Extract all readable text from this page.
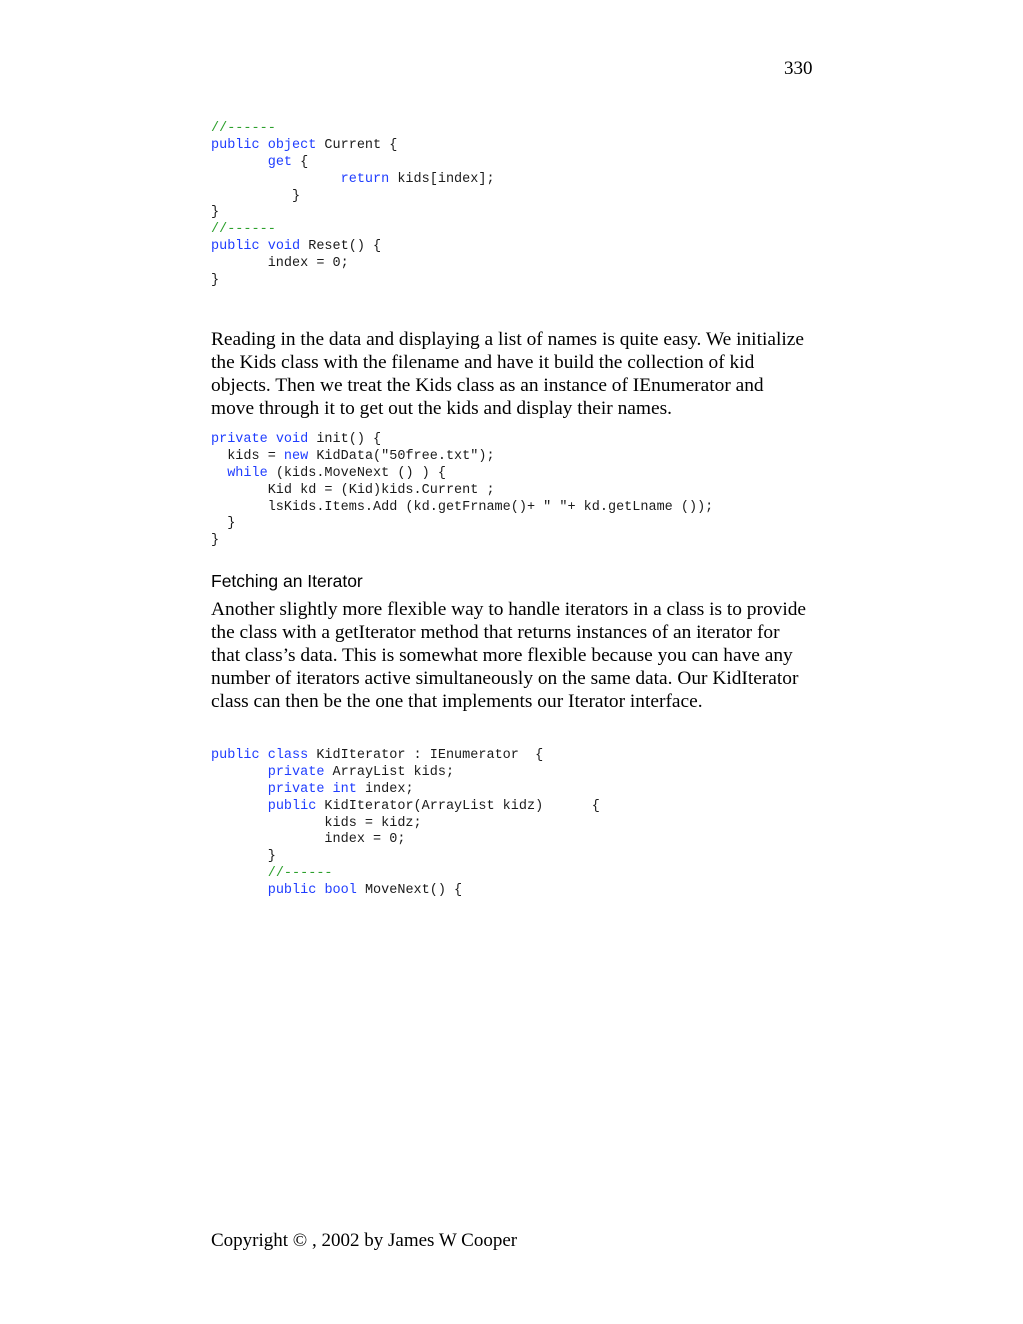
330
//------
public object Current {
get {
return kids[index];
}
}
//------
public void Reset() {
index = 0;
}

Reading in the data and displaying a list of names is quite easy. We initialize the Kids class with the filename and have it build the collection of kid objects. Then we treat the Kids class as an instance of IEnumerator and move through it to get out the kids and display their names.

private void init() {
kids = new KidData("50free.txt");
while (kids.MoveNext () ) {
Kid kd = (Kid)kids.Current ;
lsKids.Items.Add (kd.getFrname()+ " "+ kd.getLname ());
}
}
Fetching an Iterator

Another slightly more flexible way to handle iterators in a class is to provide the class with a getIterator method that returns instances of an iterator for that class’s data. This is somewhat more flexible because you can have any number of iterators active simultaneously on the same data. Our KidIterator class can then be the one that implements our Iterator interface.

public class KidIterator : IEnumerator  {
private ArrayList kids;
private int index;
public KidIterator(ArrayList kidz)      {
kids = kidz;
index = 0;
}
//------
public bool MoveNext() {
Copyright © , 2002 by James W Cooper
